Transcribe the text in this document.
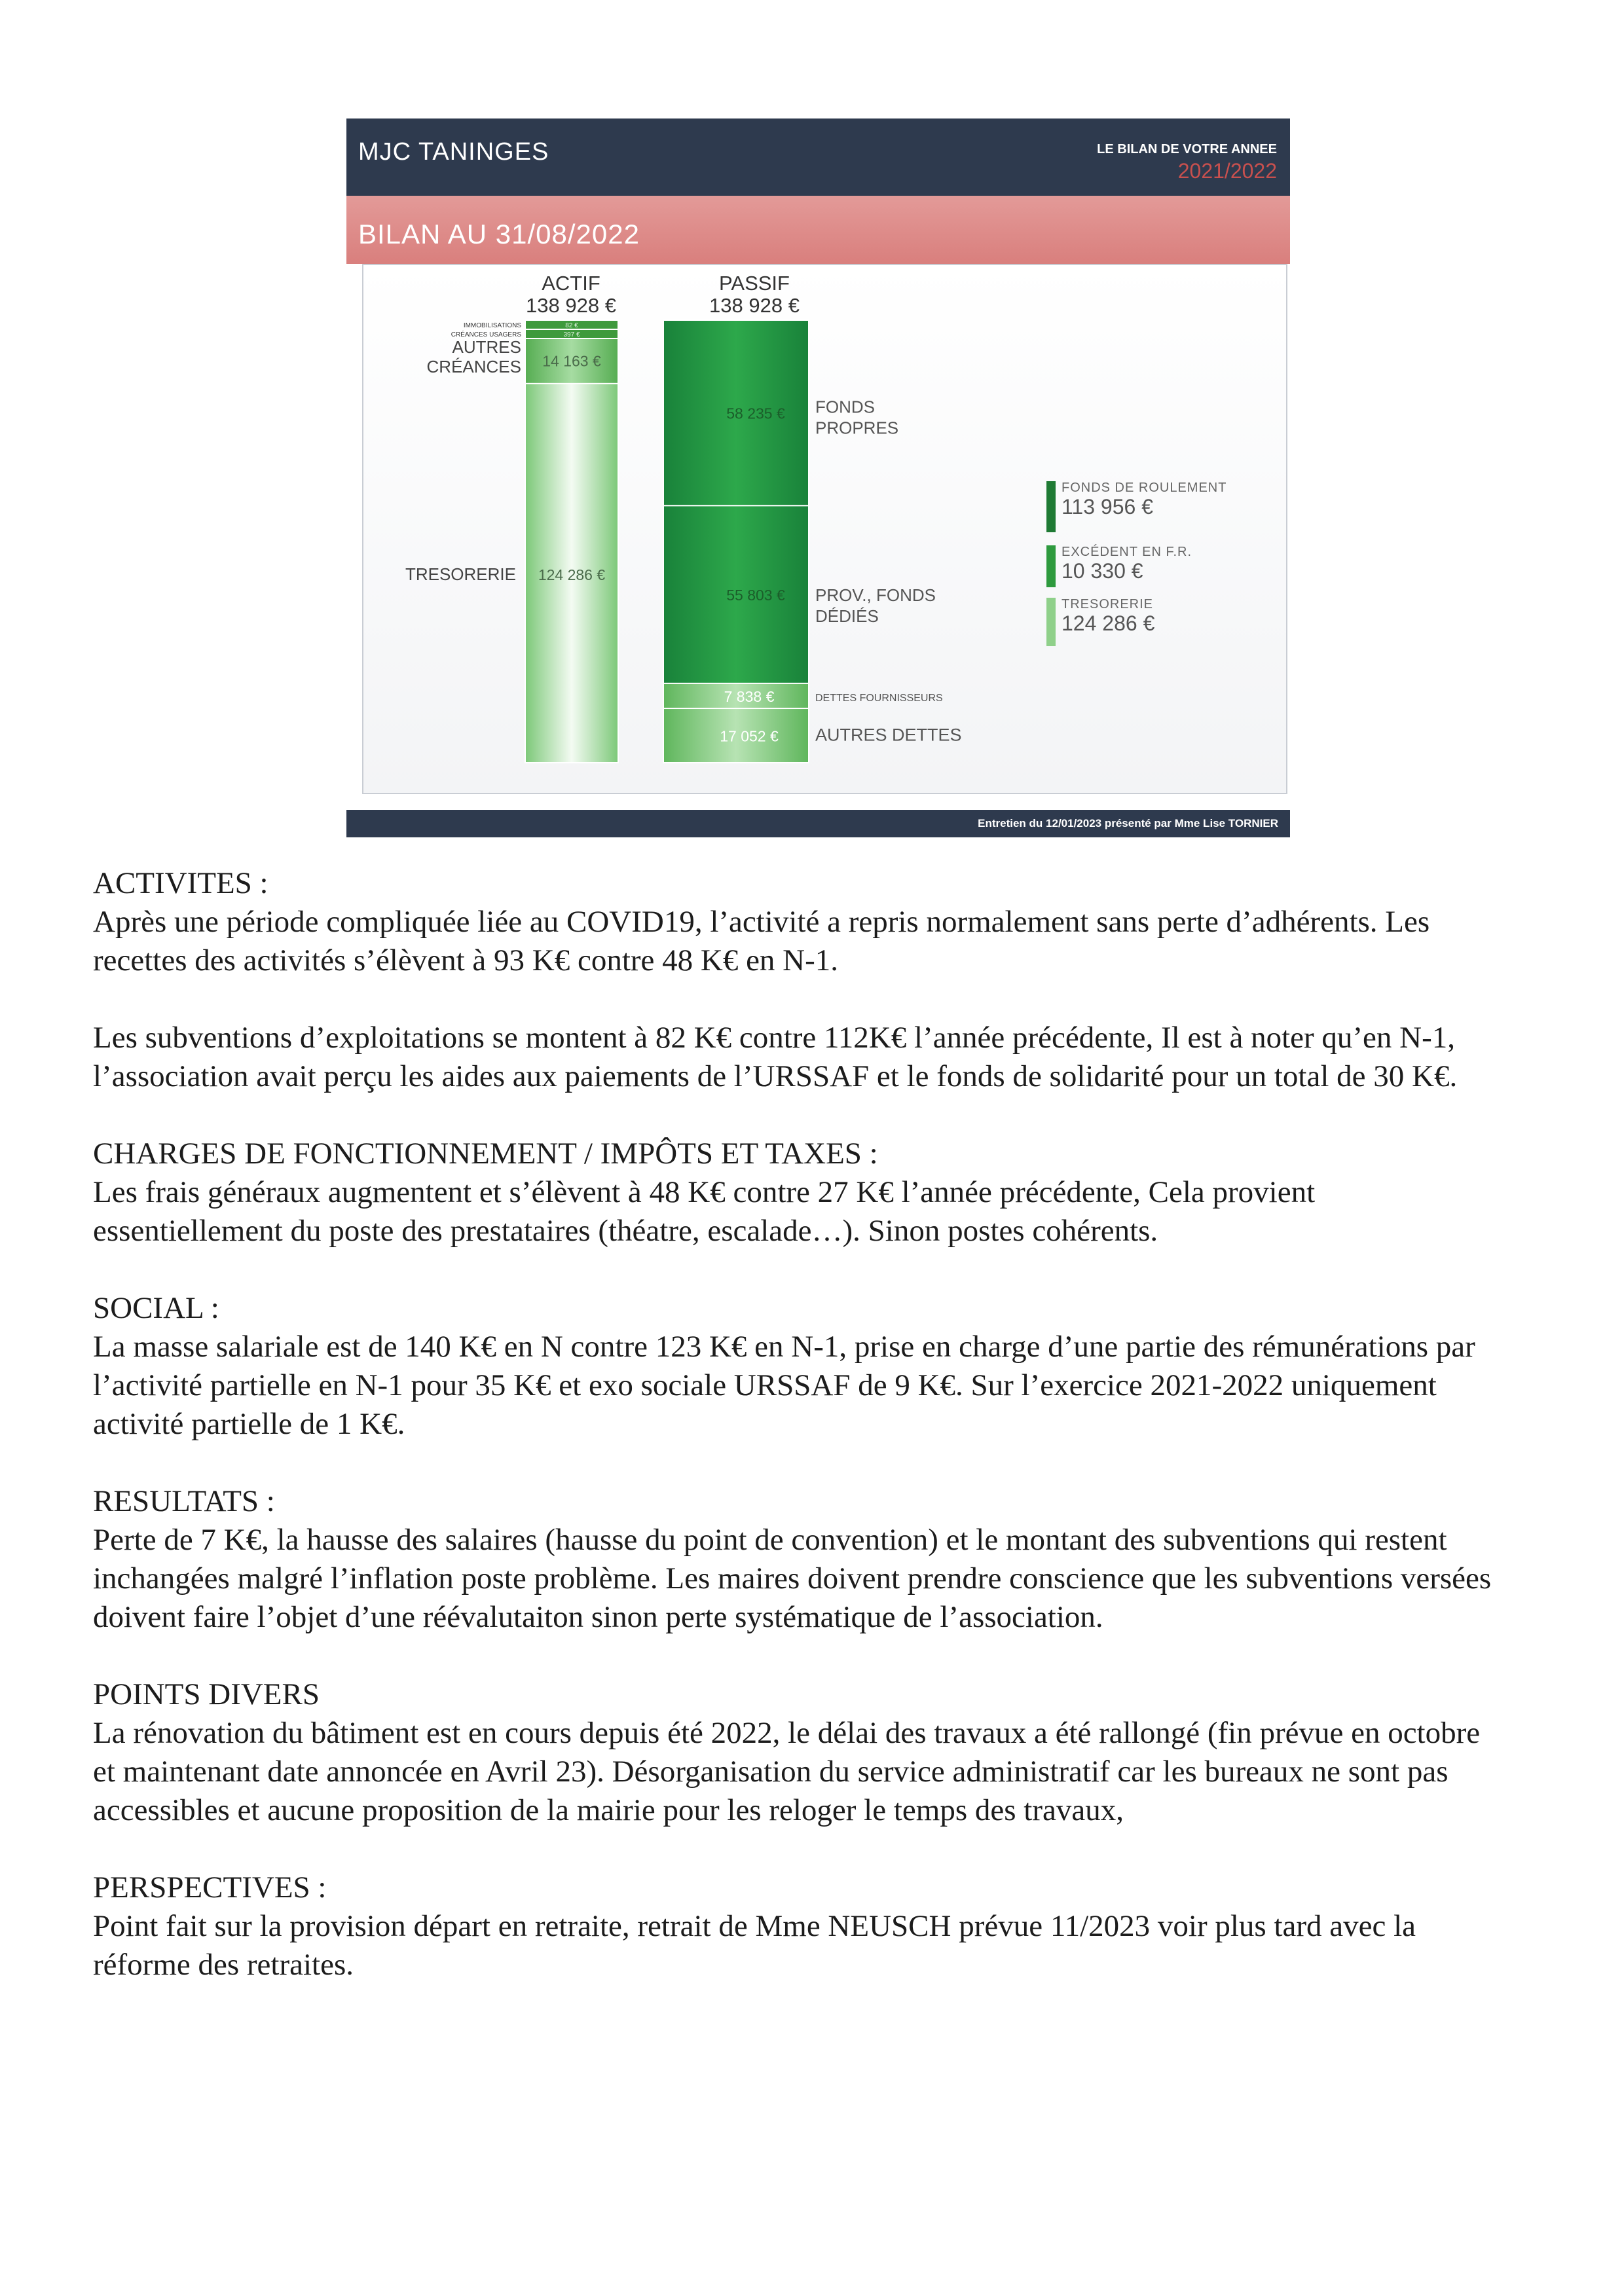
MJC TANINGES	LE BILAN DE VOTRE ANNEE
2021/2022
BILAN AU 31/08/2022
ACTIF
138 928 €
PASSIF
138 928 €
82 €
IMMOBILISATIONS
397 €
CRÉANCES USAGERS
14 163 €
AUTRES
CRÉANCES
124 286 €
TRESORERIE
58 235 € FONDS
PROPRES
55 803 € PROV., FONDS
DÉDIÉS
7 838 €	DETTES FOURNISSEURS
17 052 € AUTRES DETTES
FONDS DE ROULEMENT
113 956 €
EXCÉDENT EN F.R.
10 330 €
TRESORERIE
124 286 €
Entretien du 12/01/2023 présenté par Mme Lise TORNIER
ACTIVITES :

Après une période compliquée liée au COVID19, l’activité a repris normalement sans perte d’adhérents. Les recettes des activités s’élèvent à 93 K€ contre 48 K€ en N-1.

Les subventions d’exploitations se montent à 82 K€ contre 112K€ l’année précédente, Il est à noter qu’en N-1, l’association avait perçu les aides aux paiements de l’URSSAF et le fonds de solidarité pour un total de 30 K€.

CHARGES DE FONCTIONNEMENT / IMPÔTS ET TAXES :

Les frais généraux augmentent et s’élèvent à 48 K€ contre 27 K€ l’année précédente, Cela provient essentiellement du poste des prestataires (théatre, escalade…). Sinon postes cohérents.

SOCIAL :

La masse salariale est de 140 K€ en N contre 123 K€ en N-1, prise en charge d’une partie des rémunérations par l’activité partielle en N-1 pour 35 K€ et exo sociale URSSAF de 9 K€. Sur l’exercice 2021-2022 uniquement activité partielle de 1 K€.

RESULTATS :

Perte de 7 K€, la hausse des salaires (hausse du point de convention) et le montant des subventions qui restent inchangées malgré l’inflation poste problème. Les maires doivent prendre conscience que les subventions versées doivent faire l’objet d’une réévalutaiton sinon perte systématique de l’association.

POINTS DIVERS

La rénovation du bâtiment est en cours depuis été 2022, le délai des travaux a été rallongé (fin prévue en octobre et maintenant date annoncée en Avril 23). Désorganisation du service administratif car les bureaux ne sont pas accessibles et aucune proposition de la mairie pour les reloger le temps des travaux,

PERSPECTIVES :

Point fait sur la provision départ en retraite, retrait de Mme NEUSCH prévue 11/2023 voir plus tard avec la réforme des retraites.
